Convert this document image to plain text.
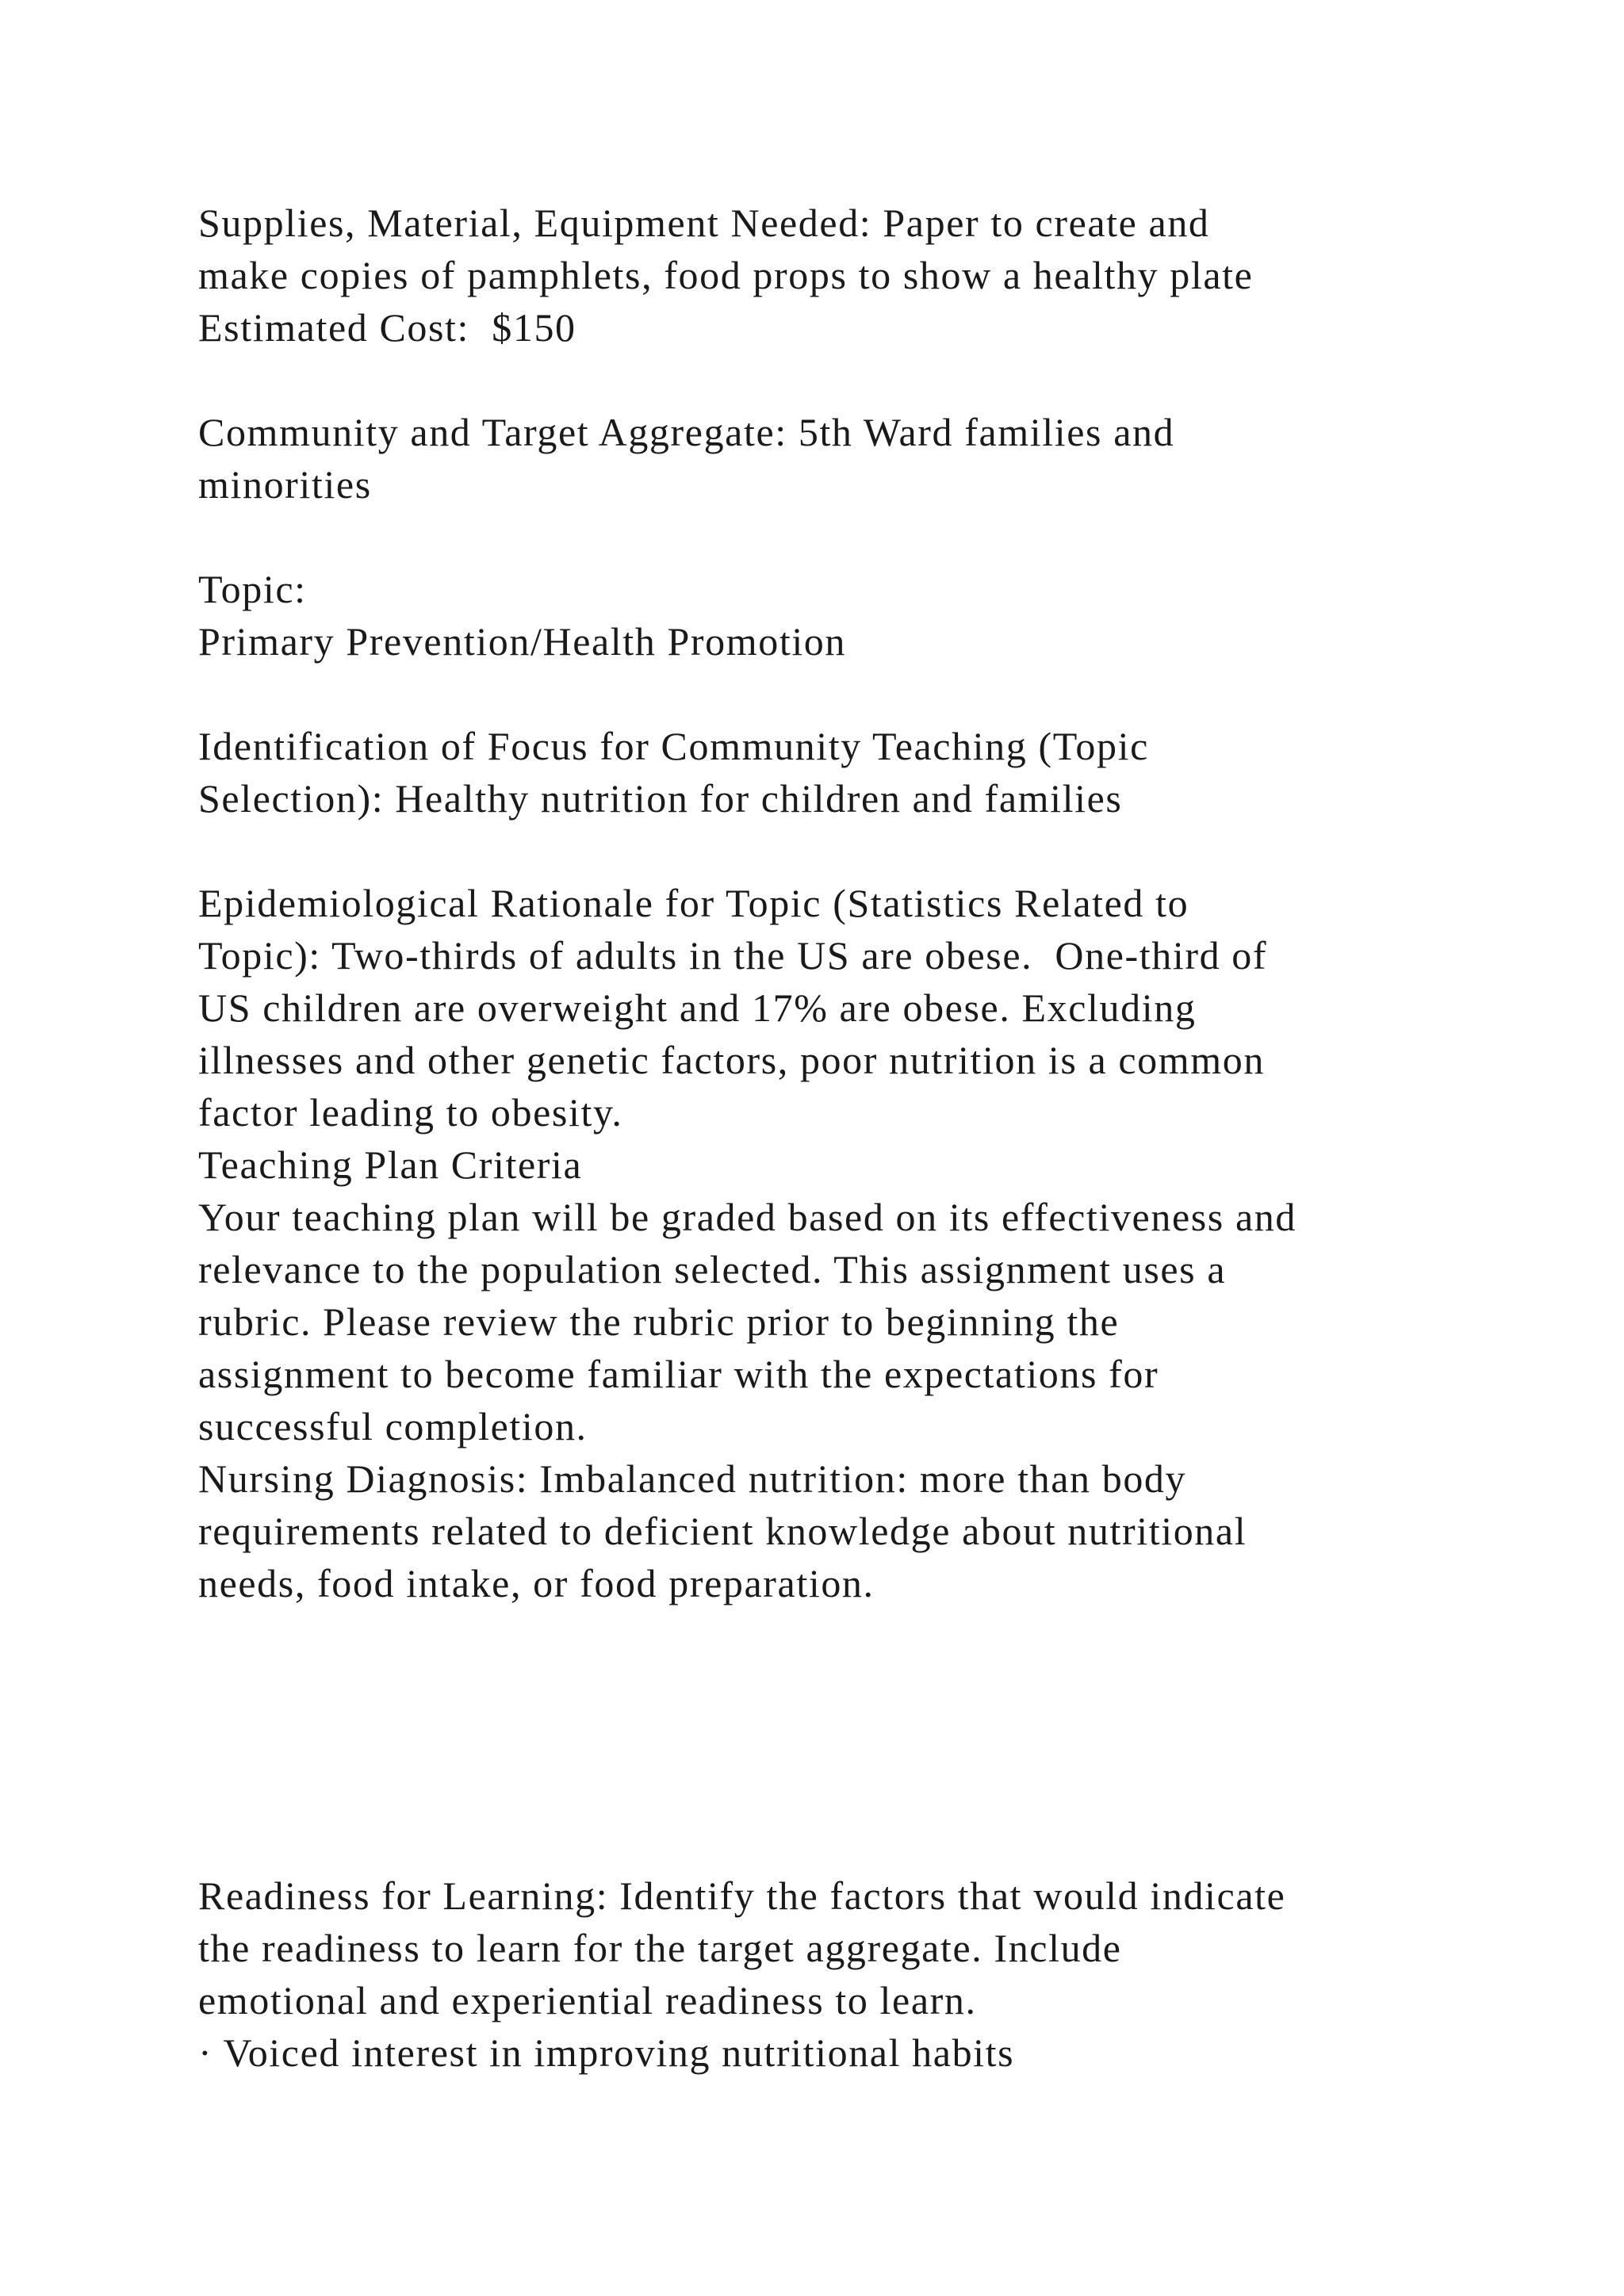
Supplies, Material, Equipment Needed: Paper to create and
make copies of pamphlets, food props to show a healthy plate
Estimated Cost:  $150
Community and Target Aggregate: 5th Ward families and
minorities
Topic:
Primary Prevention/Health Promotion
Identification of Focus for Community Teaching (Topic
Selection): Healthy nutrition for children and families
Epidemiological Rationale for Topic (Statistics Related to
Topic): Two-thirds of adults in the US are obese.  One-third of
US children are overweight and 17% are obese. Excluding
illnesses and other genetic factors, poor nutrition is a common
factor leading to obesity.
Teaching Plan Criteria
Your teaching plan will be graded based on its effectiveness and
relevance to the population selected. This assignment uses a
rubric. Please review the rubric prior to beginning the
assignment to become familiar with the expectations for
successful completion.
Nursing Diagnosis: Imbalanced nutrition: more than body
requirements related to deficient knowledge about nutritional
needs, food intake, or food preparation.
Readiness for Learning: Identify the factors that would indicate
the readiness to learn for the target aggregate. Include
emotional and experiential readiness to learn.
· Voiced interest in improving nutritional habits
